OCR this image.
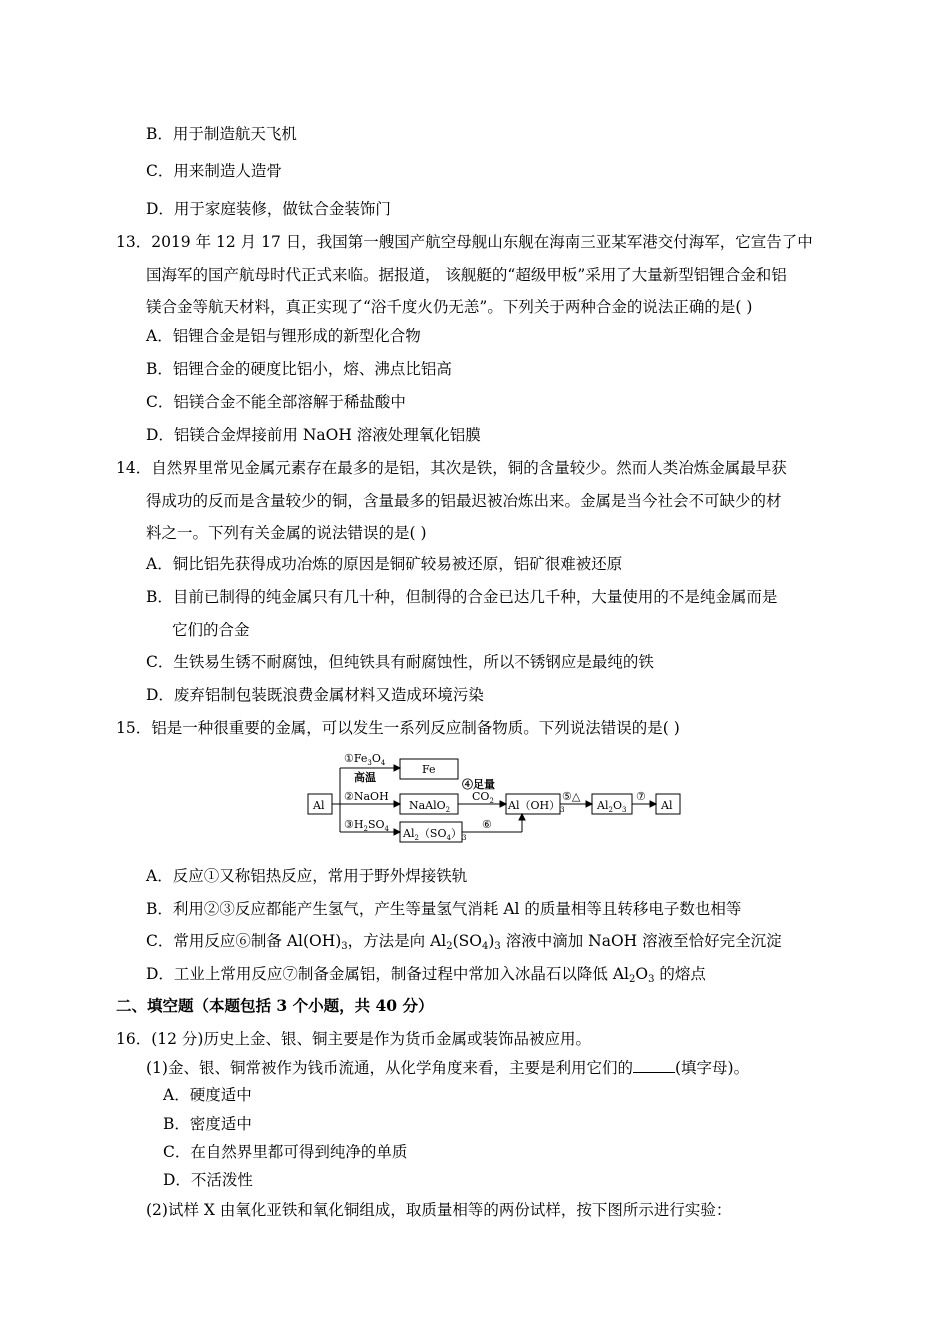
B．用于制造航天飞机
C．用来制造人造骨
D．用于家庭装修，做钛合金装饰门
13．2019 年 12 月 17 日，我国第一艘国产航空母舰山东舰在海南三亚某军港交付海军，它宣告了中
国海军的国产航母时代正式来临。据报道， 该舰艇的“超级甲板”采用了大量新型铝锂合金和铝
镁合金等航天材料，真正实现了“浴千度火仍无恙”。下列关于两种合金的说法正确的是( )
A．铝锂合金是铝与锂形成的新型化合物
B．铝锂合金的硬度比铝小，熔、沸点比铝高
C．铝镁合金不能全部溶解于稀盐酸中
D．铝镁合金焊接前用 NaOH 溶液处理氧化铝膜
14．自然界里常见金属元素存在最多的是铝，其次是铁，铜的含量较少。然而人类冶炼金属最早获
得成功的反而是含量较少的铜，含量最多的铝最迟被冶炼出来。金属是当今社会不可缺少的材
料之一。下列有关金属的说法错误的是( )
A．铜比铝先获得成功冶炼的原因是铜矿较易被还原，铝矿很难被还原
B．目前已制得的纯金属只有几十种，但制得的合金已达几千种，大量使用的不是纯金属而是
它们的合金
C．生铁易生锈不耐腐蚀，但纯铁具有耐腐蚀性，所以不锈钢应是最纯的铁
D．废弃铝制包装既浪费金属材料又造成环境污染
15．铝是一种很重要的金属，可以发生一系列反应制备物质。下列说法错误的是( )
$①Fe_3O_4$
高温
Fe
②NaOH
NaAlO$_2$
④足量
$CO_2$ $Al(OH)_3$
⑤△
$Al_2O_3$
⑦
Al	Al
$③H_2SO_4$ $Al_2(SO_4)_3$
⑥
A．反应①又称铝热反应，常用于野外焊接铁轨
B．利用②③反应都能产生氢气，产生等量氢气消耗 Al 的质量相等且转移电子数也相等
C．常用反应⑥制备 $Al(OH)_3$，方法是向 $Al_2(SO_4)_3$ 溶液中滴加 NaOH 溶液至恰好完全沉淀
D．工业上常用反应⑦制备金属铝，制备过程中常加入冰晶石以降低 $Al_2O_3$ 的熔点
二、填空题（本题包括 3 个小题，共 40 分）
16．(12 分)历史上金、银、铜主要是作为货币金属或装饰品被应用。
(1)金、银、铜常被作为钱币流通，从化学角度来看，主要是利用它们的	(填字母)。
A．硬度适中
B．密度适中
C．在自然界里都可得到纯净的单质
D．不活泼性
(2)试样 X 由氧化亚铁和氧化铜组成，取质量相等的两份试样，按下图所示进行实验：
